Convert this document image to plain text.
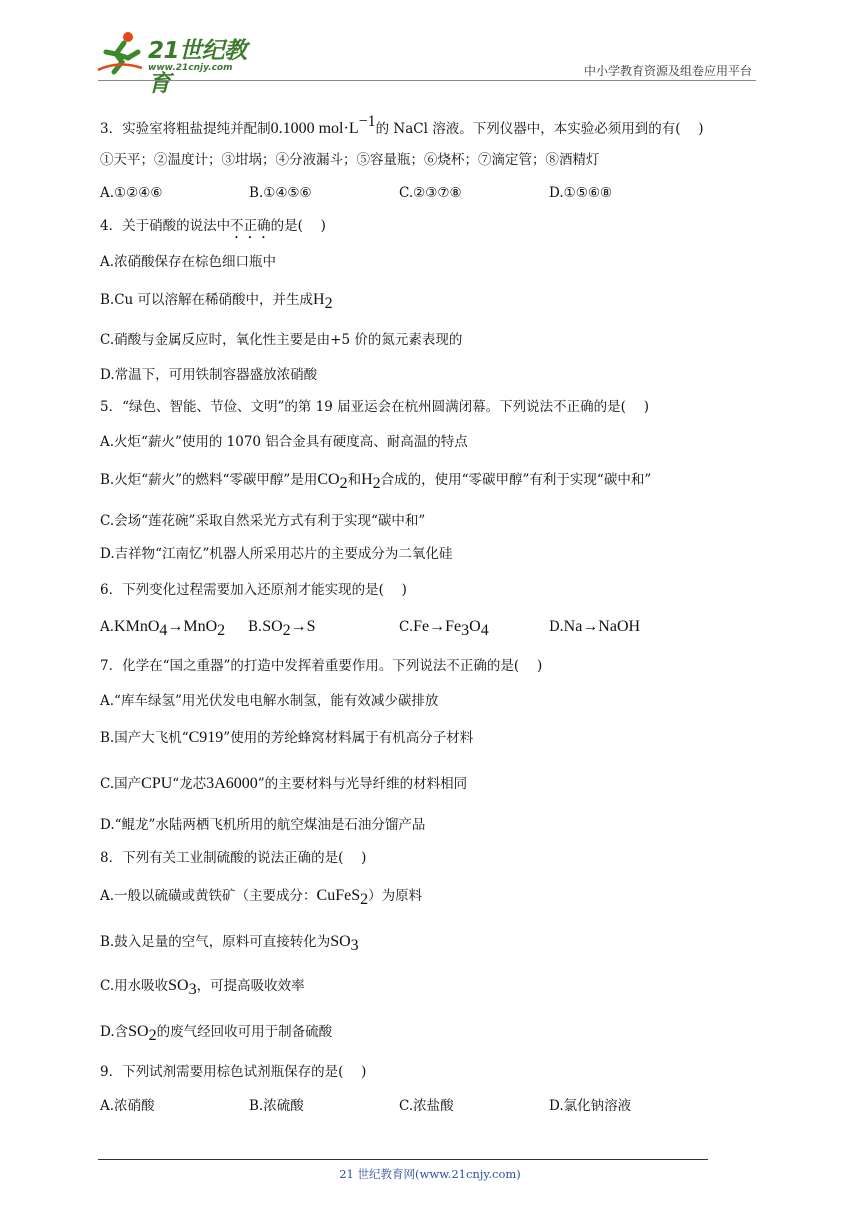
21世纪教育
www.21cnjy.com	中小学教育资源及组卷应用平台
3．实验室将粗盐提纯并配制0.1000 $mol\cdot L^{-1}$的 NaCl 溶液。下列仪器中，本实验必须用到的有(　 )
①天平；②温度计；③坩埚；④分液漏斗；⑤容量瓶；⑥烧杯；⑦滴定管；⑧酒精灯
A.①②④⑥	B.①④⑤⑥	C.②③⑦⑧	D.①⑤⑥⑧
4．关于硝酸的说法中不正确的是(　 )
A.浓硝酸保存在棕色细口瓶中
B.Cu 可以溶解在稀硝酸中，并生成$H_2$
C.硝酸与金属反应时，氧化性主要是由+5 价的氮元素表现的
D.常温下，可用铁制容器盛放浓硝酸
5．“绿色、智能、节俭、文明”的第 19 届亚运会在杭州圆满闭幕。下列说法不正确的是(　 )
A.火炬“薪火”使用的 1070 铝合金具有硬度高、耐高温的特点
B.火炬“薪火”的燃料“零碳甲醇”是用$CO_2$和$H_2$合成的，使用“零碳甲醇”有利于实现“碳中和”
C.会场“莲花碗”采取自然采光方式有利于实现“碳中和”
D.吉祥物“江南忆”机器人所采用芯片的主要成分为二氧化硅
6．下列变化过程需要加入还原剂才能实现的是(　 )
A.KMnO$_4$→MnO$_2$ $B.SO_2\to S$	$C.Fe\to Fe_3O_4$	D.Na→NaOH
7．化学在“国之重器”的打造中发挥着重要作用。下列说法不正确的是(　 )
A.“库车绿氢”用光伏发电电解水制氢，能有效减少碳排放
B.国产大飞机“C919”使用的芳纶蜂窝材料属于有机高分子材料
C.国产CPU“龙芯3A6000”的主要材料与光导纤维的材料相同
D.“鲲龙”水陆两栖飞机所用的航空煤油是石油分馏产品
8．下列有关工业制硫酸的说法正确的是(　 )
A.一般以硫磺或黄铁矿（主要成分：CuFeS$_2$）为原料
B.鼓入足量的空气，原料可直接转化为$SO_3$
C.用水吸收$SO_3$，可提高吸收效率
D.含$SO_2$的废气经回收可用于制备硫酸
9．下列试剂需要用棕色试剂瓶保存的是(　 )
A.浓硝酸	B.浓硫酸	C.浓盐酸	D.氯化钠溶液
21 世纪教育网(www.21cnjy.com)
